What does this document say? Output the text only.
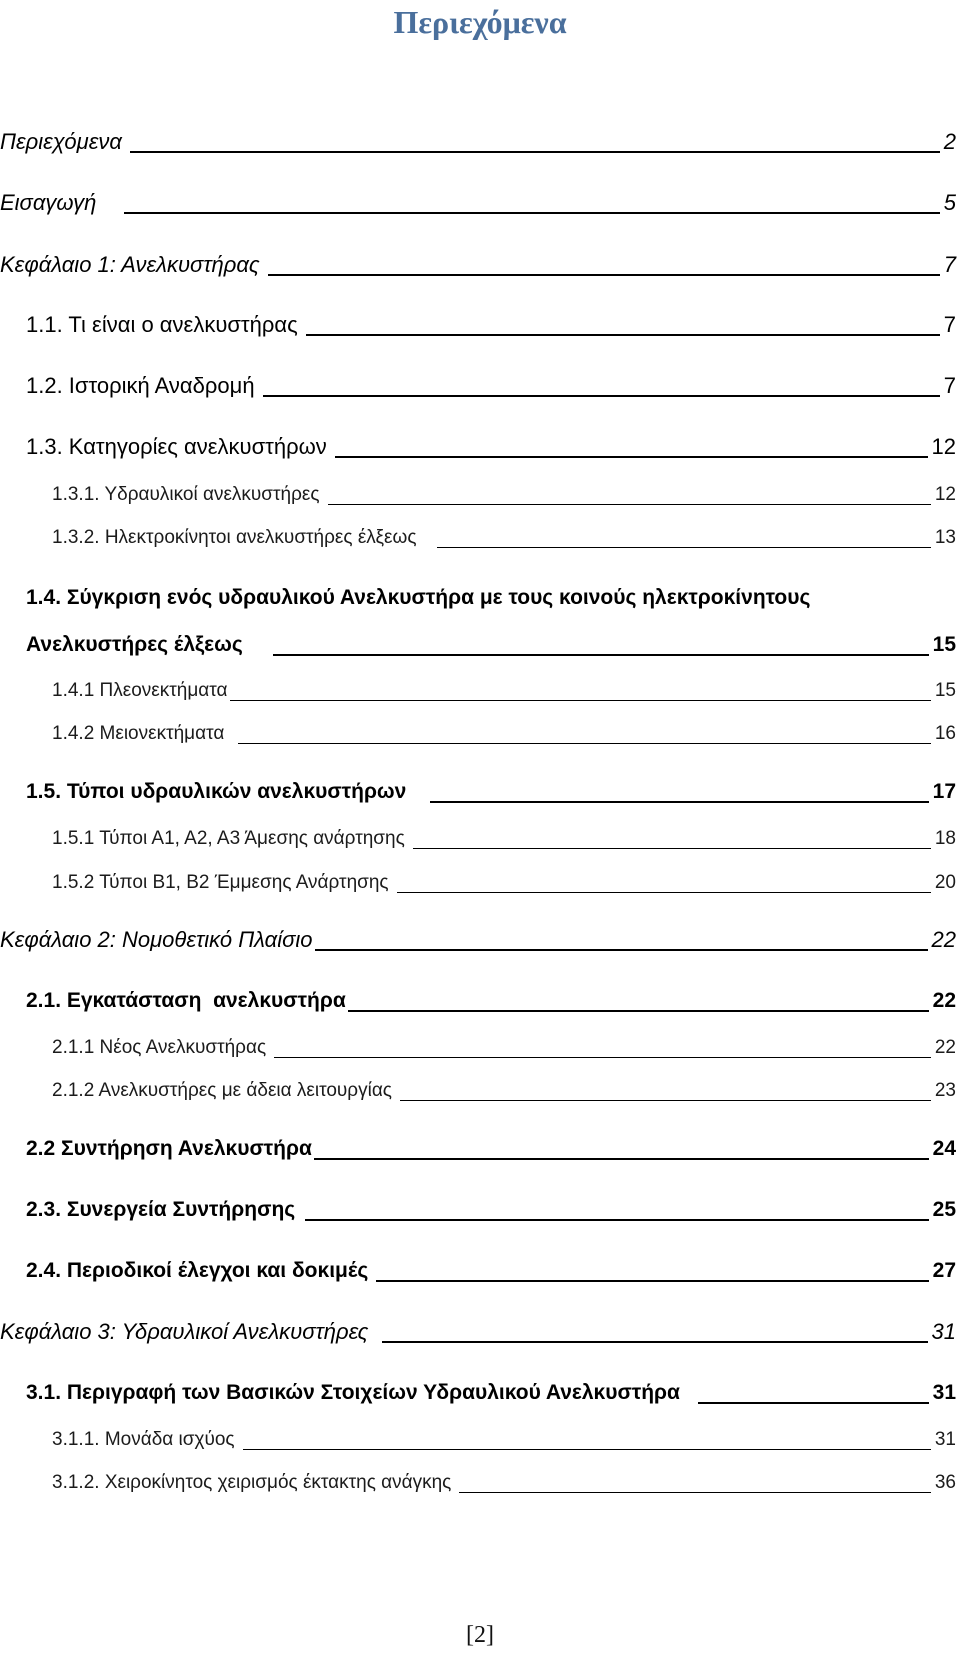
Περιεχόμενα
Περιεχόμενα	2
Εισαγωγή	5
Κεφάλαιο 1: Ανελκυστήρας	7
1.1. Τι είναι ο ανελκυστήρας	7
1.2. Ιστορική Αναδρομή	7
1.3. Κατηγορίες ανελκυστήρων	12
1.3.1. Υδραυλικοί ανελκυστήρες	12
1.3.2. Ηλεκτροκίνητοι ανελκυστήρες έλξεως	13
1.4. Σύγκριση ενός υδραυλικού Ανελκυστήρα με τους κοινούς ηλεκτροκίνητους
Ανελκυστήρες έλξεως	15
1.4.1 Πλεονεκτήματα	15
1.4.2 Μειονεκτήματα	16
1.5. Τύποι υδραυλικών ανελκυστήρων	17
1.5.1 Τύποι Α1, Α2, Α3 Άμεσης ανάρτησης	18
1.5.2 Τύποι Β1, Β2 Έμμεσης Ανάρτησης	20
Κεφάλαιο 2: Νομοθετικό Πλαίσιο	22
2.1. Εγκατάσταση  ανελκυστήρα	22
2.1.1 Νέος Ανελκυστήρας	22
2.1.2 Ανελκυστήρες με άδεια λειτουργίας	23
2.2 Συντήρηση Ανελκυστήρα	24
2.3. Συνεργεία Συντήρησης	25
2.4. Περιοδικοί έλεγχοι και δοκιμές	27
Κεφάλαιο 3: Υδραυλικοί Ανελκυστήρες	31
3.1. Περιγραφή των Βασικών Στοιχείων Υδραυλικού Ανελκυστήρα	31
3.1.1. Μονάδα ισχύος	31
3.1.2. Χειροκίνητος χειρισμός έκτακτης ανάγκης	36
[2]
